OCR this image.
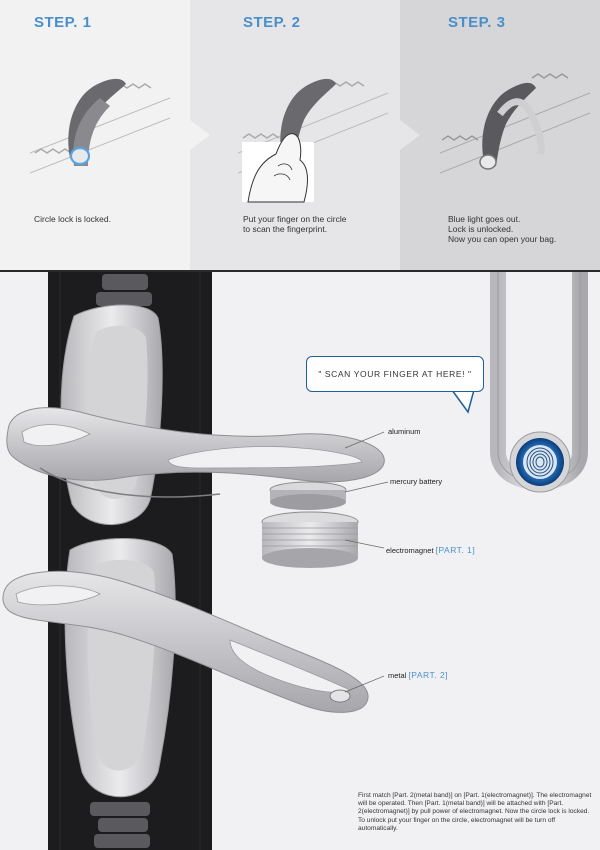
STEP. 1
Circle lock is locked.
STEP. 2
Put your finger on the circle
to scan the fingerprint.
STEP. 3
Blue light goes out.
Lock is unlocked.
Now you can open your bag.
" SCAN YOUR FINGER AT HERE! "
aluminum
mercury battery
electromagnet [PART. 1]
metal [PART. 2]
First match [Part. 2(metal band)] on [Part. 1(electromagnet)]. The electromagnet will be operated. Then [Part. 1(metal band)] will be attached with [Part. 2(electromagnet)] by pull power of electromagnet. Now the circle lock is locked. To unlock put your finger on the circle, electromagnet will be turn off automatically.
